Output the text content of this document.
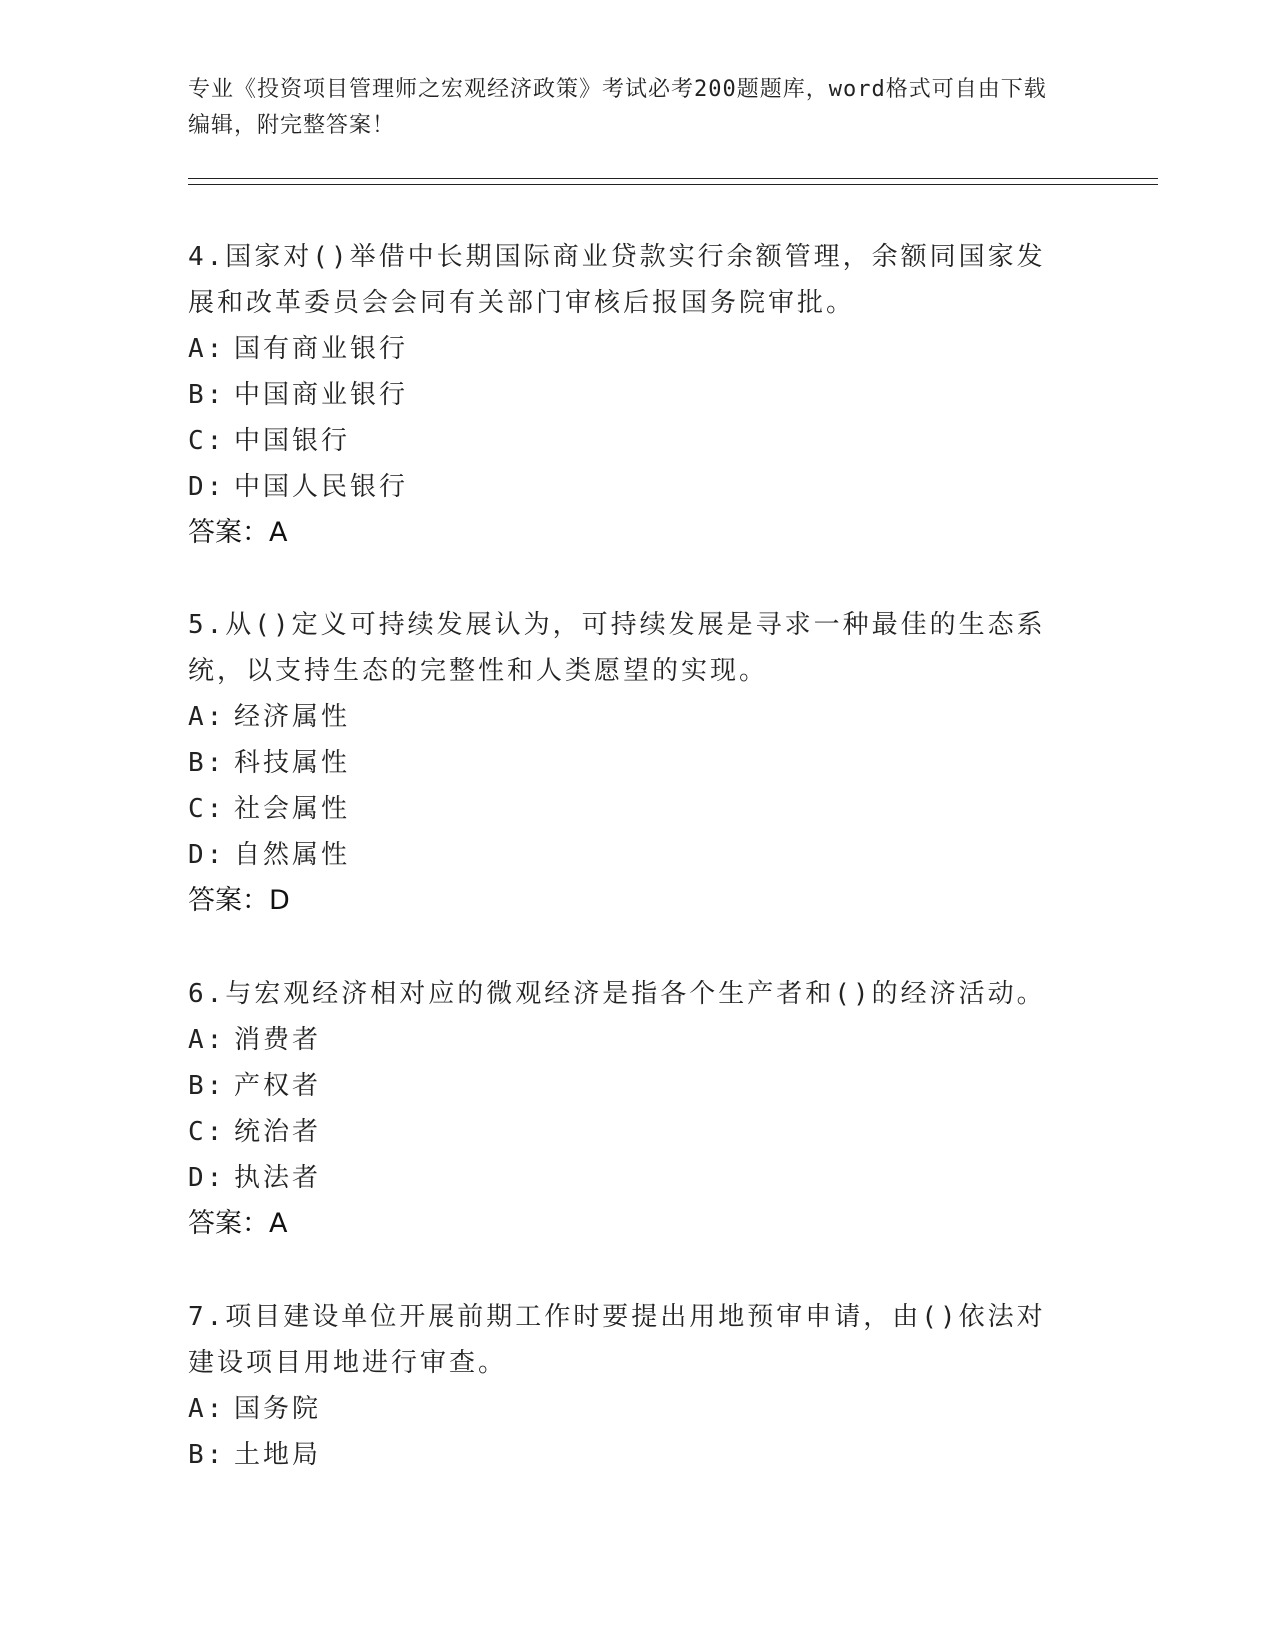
专业《投资项目管理师之宏观经济政策》考试必考200题题库，word格式可自由下载编辑，附完整答案！

4.国家对()举借中长期国际商业贷款实行余额管理，余额同国家发展和改革委员会会同有关部门审核后报国务院审批。

A: 国有商业银行

B: 中国商业银行

C: 中国银行

D: 中国人民银行

答案：A

5.从()定义可持续发展认为，可持续发展是寻求一种最佳的生态系统，以支持生态的完整性和人类愿望的实现。

A: 经济属性

B: 科技属性

C: 社会属性

D: 自然属性

答案：D

6.与宏观经济相对应的微观经济是指各个生产者和()的经济活动。

A: 消费者

B: 产权者

C: 统治者

D: 执法者

答案：A

7.项目建设单位开展前期工作时要提出用地预审申请，由()依法对建设项目用地进行审查。

A: 国务院

B: 土地局
